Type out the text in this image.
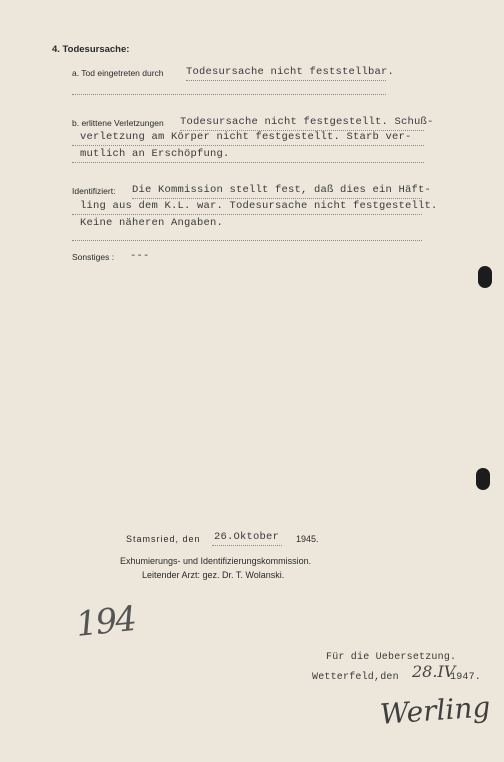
4. Todesursache:
a. Tod eingetreten durch Todesursache nicht feststellbar.
b. erlittene Verletzungen Todesursache nicht festgestellt. Schuß-
verletzung am Körper nicht festgestellt. Starb ver-
mutlich an Erschöpfung.
Identifiziert: Die Kommission stellt fest, daß dies ein Häft-
ling aus dem K.L. war. Todesursache nicht festgestellt.
Keine näheren Angaben.
Sonstiges : ---
Stamsried, den 26.Oktober 1945.
Exhumierungs- und Identifizierungskommission.
Leitender Arzt: gez. Dr. T. Wolanski.
194
Für die Uebersetzung.
Wetterfeld,den 28.IV
1947.
Werling
